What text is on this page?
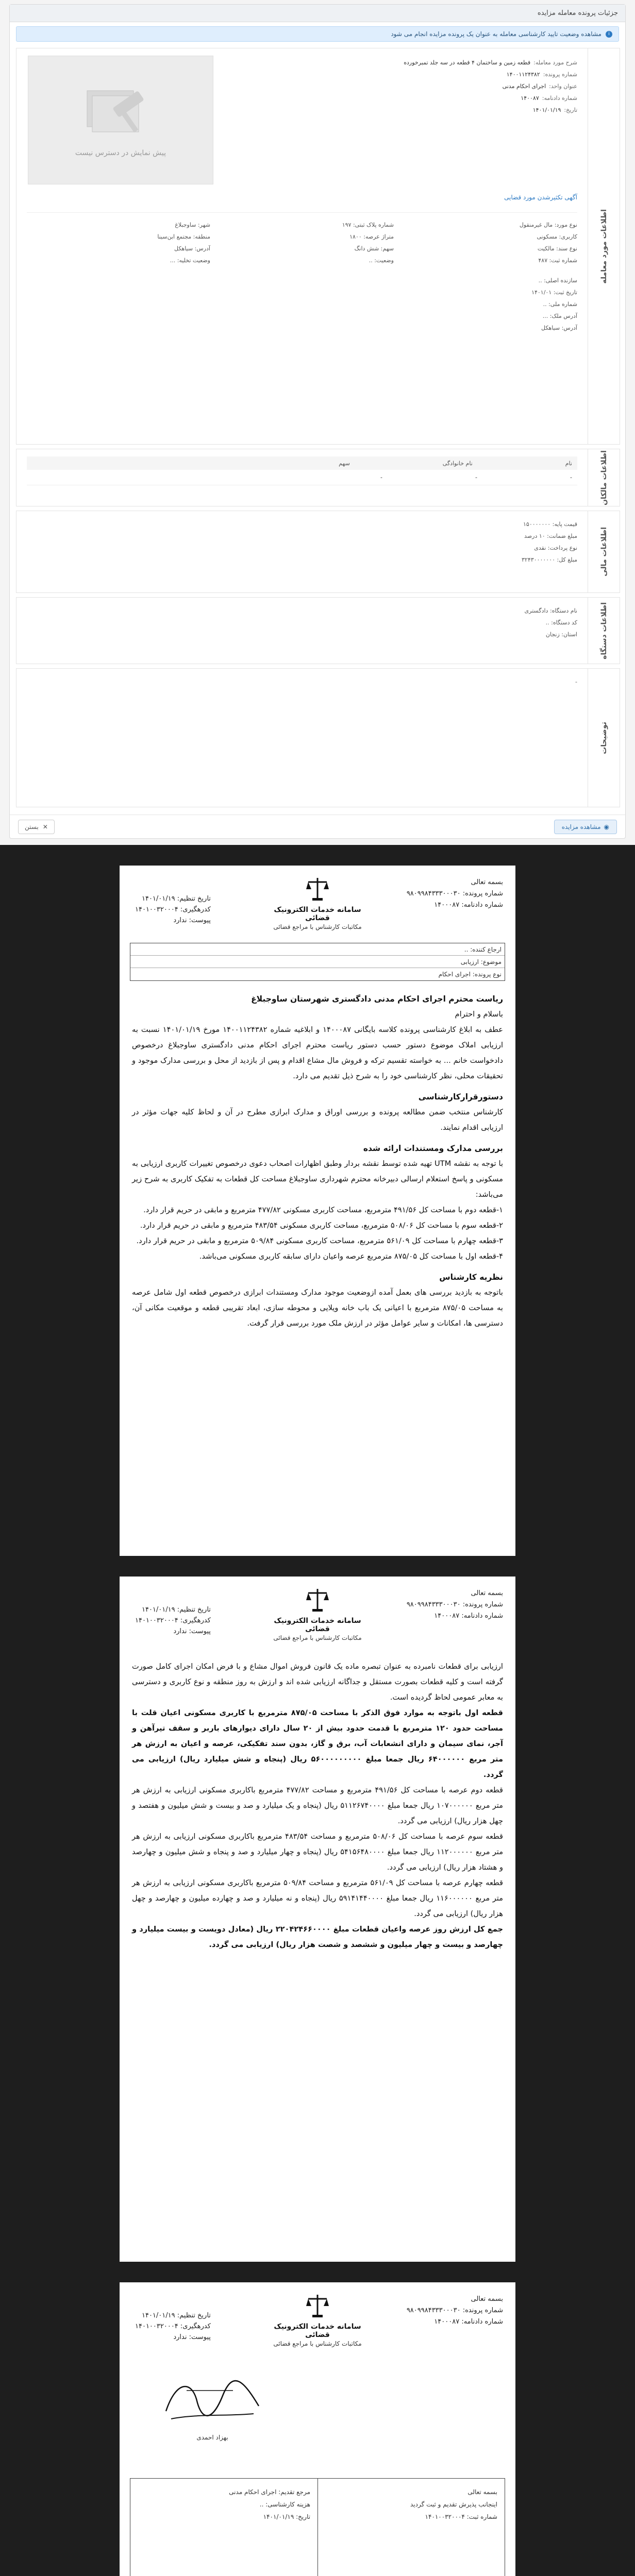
جزئیات پرونده معامله مزایده
مشاهده وضعیت تایید کارشناسی معامله به عنوان یک پرونده مزایده انجام می شود	i
اطلاعات مورد معامله
پیش نمایش در دسترس نیست
شرح مورد معامله:
قطعه زمین و ساختمان ۴ قطعه در سه جلد تمبرخورده
شماره پرونده:
۱۴۰۰۱۱۲۴۳۸۲
عنوان واحد:
اجرای احکام مدنی
شماره دادنامه:
۱۴۰۰۸۷
تاریخ:
۱۴۰۱/۰۱/۱۹
آگهی تکثیرشدن مورد قضایی
نوع مورد: مال غیرمنقول
کاربری: مسکونی
نوع سند: مالکیت
شماره ثبت: ۴۸۷
شماره پلاک ثبتی: ۱۹۷
متراژ عرصه: ۱۸۰۰
سهم: شش دانگ
وضعیت: ..
شهر: ساوجبلاغ
منطقه: مجتمع ابن‌سینا
آدرس: سیاهکل
وضعیت تخلیه: ...
سازنده اصلی: ..
تاریخ ثبت: ۱۴۰۱/۰۱
شماره ملی: ..
آدرس ملک: ...
آدرس: سیاهکل
اطلاعات مالکان
نام
نام خانوادگی
سهم
-
-
-
اطلاعات مالی
قیمت پایه: ۱۵۰۰۰۰۰۰۰
مبلغ ضمانت: ۱۰ درصد
نوع پرداخت: نقدی
مبلغ کل: ۳۲۴۳۰۰۰۰۰۰۰
اطلاعات دستگاه
نام دستگاه: دادگستری
کد دستگاه: ..
استان: زنجان
توضیحات
-
بستن ✕	مشاهده مزایده ◉
بسمه تعالی
شماره پرونده: ۹۸۰۹۹۸۴۳۳۳۰۰۰۳۰
شماره دادنامه: ۱۴۰۰۰۸۷
سامانه خدمات الکترونیک قضائی
مکاتبات کارشناس با مراجع قضائی
تاریخ تنظیم: ۱۴۰۱/۰۱/۱۹
کدرهگیری: ۱۴۰۱۰۰۳۲۰۰۰۴
پیوست: ندارد
ارجاع کننده: ..
موضوع: ارزیابی
نوع پرونده: اجرای احکام
ریاست محترم اجرای احکام مدنی دادگستری شهرستان ساوجبلاغ

باسلام و احترام

عطف به ابلاغ کارشناسی پرونده کلاسه بایگانی ۱۴۰۰۰۸۷ و ابلاغیه شماره ۱۴۰۰۱۱۲۴۳۸۲ مورخ ۱۴۰۱/۰۱/۱۹ نسبت به ارزیابی املاک موضوع دستور حسب دستور ریاست محترم اجرای احکام مدنی دادگستری ساوجبلاغ درخصوص دادخواست خانم ... به خواسته تقسیم ترکه و فروش مال مشاع اقدام و پس از بازدید از محل و بررسی مدارک موجود و تحقیقات محلی، نظر کارشناسی خود را به شرح ذیل تقدیم می دارد.

دستورقرارکارشناسی

کارشناس منتخب ضمن مطالعه پرونده و بررسی اوراق و مدارک ابرازی مطرح در آن و لحاظ کلیه جهات مؤثر در ارزیابی اقدام نمایند.

بررسی مدارک ومستندات ارائه شده

با توجه به نقشه UTM تهیه شده توسط نقشه بردار وطبق اظهارات اصحاب دعوی درخصوص تغییرات کاربری ارزیابی به مسکونی و پاسخ استعلام ارسالی دبیرخانه محترم شهرداری ساوجبلاغ مساحت کل قطعات به تفکیک کاربری به شرح زیر می‌باشد:

۱-قطعه دوم با مساحت کل ۴۹۱/۵۶ مترمربع، مساحت کاربری مسکونی ۴۷۷/۸۲ مترمربع و مابقی در حریم قرار دارد.

۲-قطعه سوم با مساحت کل ۵۰۸/۰۶ مترمربع، مساحت کاربری مسکونی ۴۸۳/۵۴ مترمربع و مابقی در حریم قرار دارد.

۳-قطعه چهارم با مساحت کل ۵۶۱/۰۹ مترمربع، مساحت کاربری مسکونی ۵۰۹/۸۴ مترمربع و مابقی در حریم قرار دارد.

۴-قطعه اول با مساحت کل ۸۷۵/۰۵ مترمربع عرصه واعیان دارای سابقه کاربری مسکونی می‌باشد.

نظریه کارشناس

باتوجه به بازدید بررسی های بعمل آمده ازوضعیت موجود مدارک ومستندات ابرازی درخصوص قطعه اول شامل عرصه به مساحت ۸۷۵/۰۵ مترمربع با اعیانی یک باب خانه ویلایی و محوطه سازی، ابعاد تقریبی قطعه و موقعیت مکانی آن، دسترسی ها، امکانات و سایر عوامل مؤثر در ارزش ملک مورد بررسی قرار گرفت.

بسمه تعالی
شماره پرونده: ۹۸۰۹۹۸۴۳۳۳۰۰۰۳۰
شماره دادنامه: ۱۴۰۰۰۸۷
سامانه خدمات الکترونیک قضائی
مکاتبات کارشناس با مراجع قضائی
تاریخ تنظیم: ۱۴۰۱/۰۱/۱۹
کدرهگیری: ۱۴۰۱۰۰۳۲۰۰۰۴
پیوست: ندارد

ارزیابی برای قطعات نامبرده به عنوان تبصره ماده یک قانون فروش اموال مشاع و با فرض امکان اجرای کامل صورت گرفته است و کلیه قطعات بصورت مستقل و جداگانه ارزیابی شده اند و ارزش به روز منطقه و نوع کاربری و دسترسی به معابر عمومی لحاظ گردیده است.

قطعه اول باتوجه به موارد فوق الذکر با مساحت ۸۷۵/۰۵ مترمربع با کاربری مسکونی اعیان قلت با مساحت حدود ۱۲۰ مترمربع با قدمت حدود بیش از ۲۰ سال دارای دیوارهای باربر و سقف تیرآهن و آجر، نمای سیمان و دارای انشعابات آب، برق و گاز، بدون سند تفکیکی، عرصه و اعیان به ارزش هر متر مربع ۶۴۰۰۰۰۰۰ ریال جمعا مبلغ ۵۶۰۰۰۰۰۰۰۰۰ ریال (پنجاه و شش میلیارد ریال) ارزیابی می گردد.

قطعه دوم عرصه با مساحت کل ۴۹۱/۵۶ مترمربع و مساحت ۴۷۷/۸۲ مترمربع باکاربری مسکونی ارزیابی به ارزش هر متر مربع ۱۰۷۰۰۰۰۰۰ ریال جمعا مبلغ ۵۱۱۲۶۷۴۰۰۰۰ ریال (پنجاه و یک میلیارد و صد و بیست و شش میلیون و هفتصد و چهل هزار ریال) ارزیابی می گردد.

قطعه سوم عرصه با مساحت کل ۵۰۸/۰۶ مترمربع و مساحت ۴۸۳/۵۴ مترمربع باکاربری مسکونی ارزیابی به ارزش هر متر مربع ۱۱۲۰۰۰۰۰۰ ریال جمعا مبلغ ۵۴۱۵۶۴۸۰۰۰۰ ریال (پنجاه و چهار میلیارد و صد و پنجاه و شش میلیون و چهارصد و هشتاد هزار ریال) ارزیابی می گردد.

قطعه چهارم عرصه با مساحت کل ۵۶۱/۰۹ مترمربع و مساحت ۵۰۹/۸۴ مترمربع باکاربری مسکونی ارزیابی به ارزش هر متر مربع ۱۱۶۰۰۰۰۰۰ ریال جمعا مبلغ ۵۹۱۴۱۴۴۰۰۰۰ ریال (پنجاه و نه میلیارد و صد و چهارده میلیون و چهارصد و چهل هزار ریال) ارزیابی می گردد.

جمع کل ارزش روز عرصه واعیان قطعات مبلغ ۲۲۰۴۲۴۶۶۰۰۰۰ ریال (معادل دویست و بیست میلیارد و چهارصد و بیست و چهار میلیون و ششصد و شصت هزار ریال) ارزیابی می گردد.

بسمه تعالی
شماره پرونده: ۹۸۰۹۹۸۴۳۳۳۰۰۰۳۰
شماره دادنامه: ۱۴۰۰۰۸۷
سامانه خدمات الکترونیک قضائی
مکاتبات کارشناس با مراجع قضائی
تاریخ تنظیم: ۱۴۰۱/۰۱/۱۹
کدرهگیری: ۱۴۰۱۰۰۳۲۰۰۰۴
پیوست: ندارد
بهزاد احمدی
بسمه تعالی
اینجانب پذیرش تقدیم و ثبت گردید
شماره ثبت: ۱۴۰۱۰۰۳۲۰۰۰۴
مرجع تقدیم: اجرای احکام مدنی
هزینه کارشناسی: ..
تاریخ: ۱۴۰۱/۰۱/۱۹
